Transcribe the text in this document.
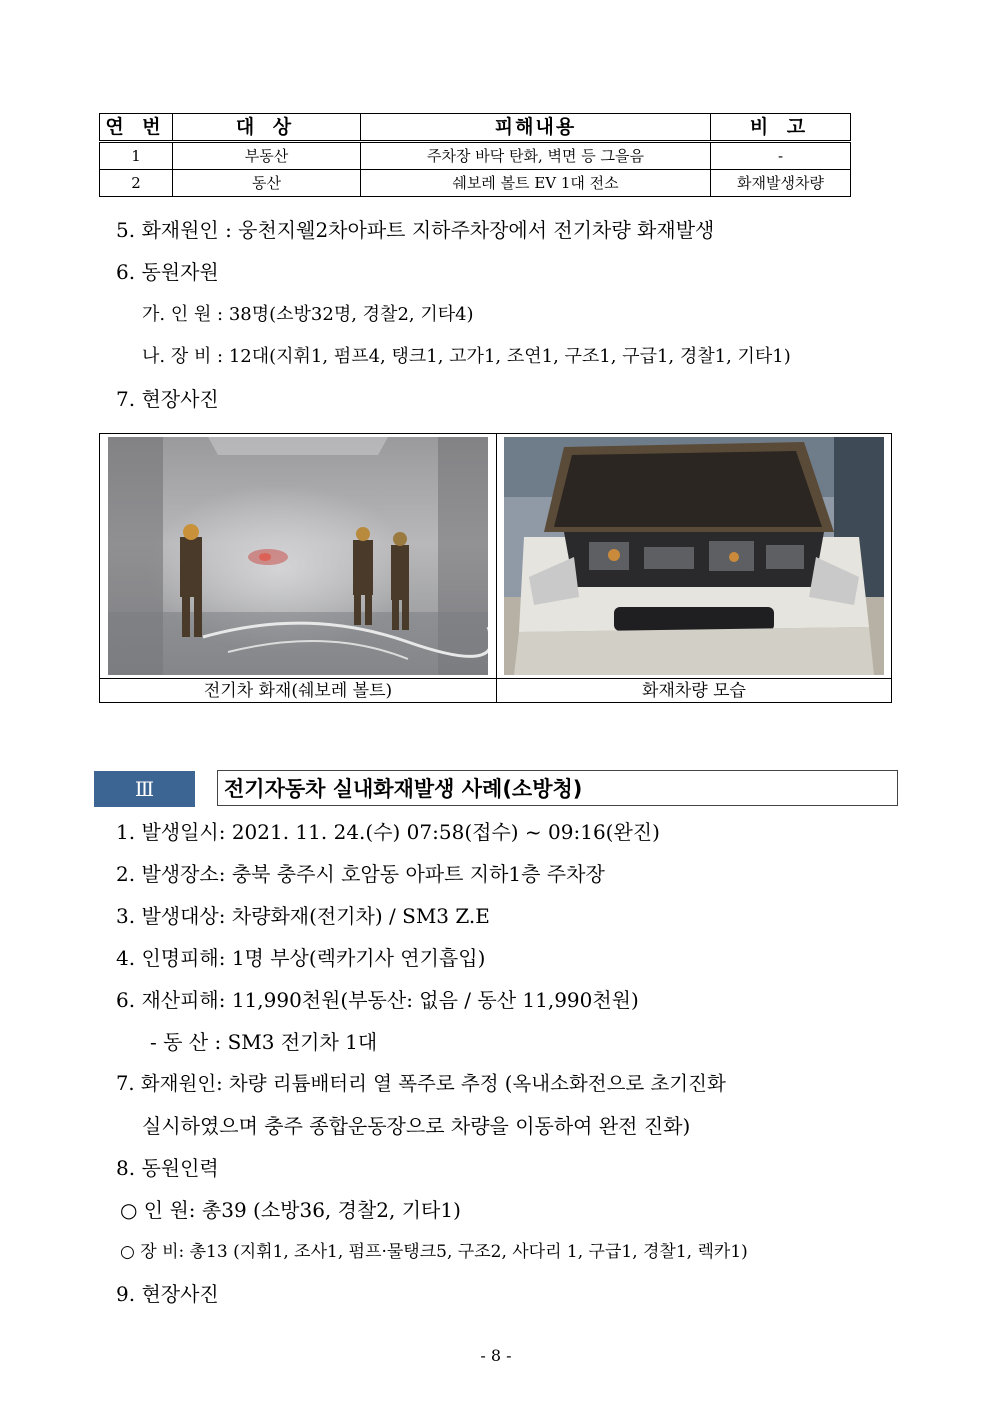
연 번	대 상	피해내용	비 고
1	부동산	주차장 바닥 탄화, 벽면 등 그을음	-
2	동산	쉐보레 볼트 EV 1대 전소	화재발생차량
5. 화재원인 : 웅천지웰2차아파트 지하주차장에서 전기차량 화재발생
6. 동원자원
가. 인 원 : 38명(소방32명, 경찰2, 기타4)
나. 장 비 : 12대(지휘1, 펌프4, 탱크1, 고가1, 조연1, 구조1, 구급1, 경찰1, 기타1)
7. 현장사진
전기차 화재(쉐보레 볼트)	화재차량 모습
Ⅲ	전기자동차 실내화재발생 사례(소방청)
1. 발생일시: 2021. 11. 24.(수) 07:58(접수) ~ 09:16(완진)
2. 발생장소: 충북 충주시 호암동 아파트 지하1층 주차장
3. 발생대상: 차량화재(전기차) / SM3 Z.E
4. 인명피해: 1명 부상(렉카기사 연기흡입)
6. 재산피해: 11,990천원(부동산: 없음 / 동산 11,990천원)
- 동 산 : SM3 전기차 1대
7. 화재원인: 차량 리튬배터리 열 폭주로 추정 (옥내소화전으로 초기진화
실시하였으며 충주 종합운동장으로 차량을 이동하여 완전 진화)
8. 동원인력
○ 인 원: 총39 (소방36, 경찰2, 기타1)
○ 장 비: 총13 (지휘1, 조사1, 펌프·물탱크5, 구조2, 사다리 1, 구급1, 경찰1, 렉카1)
9. 현장사진
- 8 -
